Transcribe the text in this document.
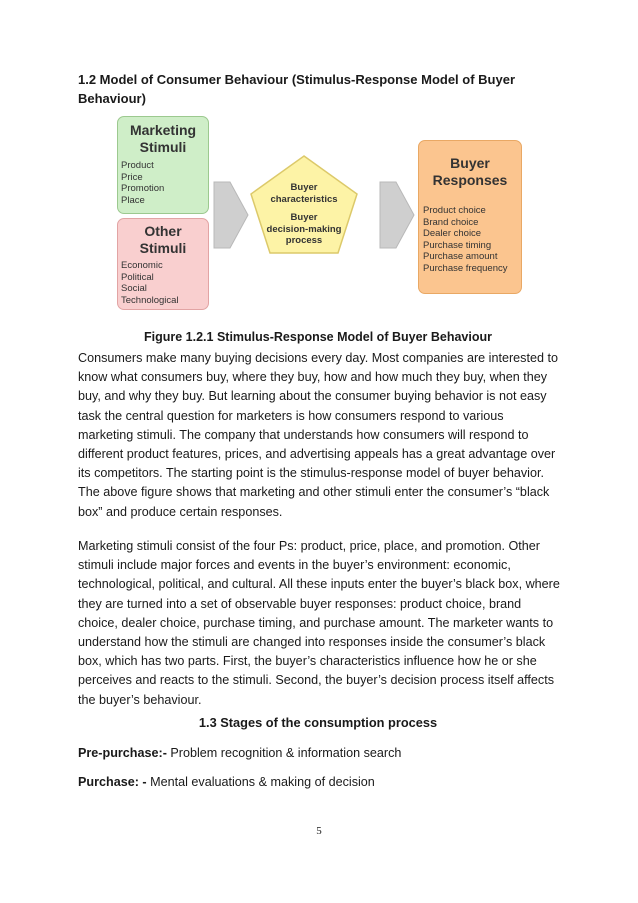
1.2 Model of Consumer Behaviour (Stimulus-Response Model of Buyer Behaviour)
Marketing
Stimuli
Product
Price
Promotion
Place
Other
Stimuli
Economic
Political
Social
Technological
Buyer
characteristics
Buyer
decision-making
process
Buyer
Responses
Product choice
Brand choice
Dealer choice
Purchase timing
Purchase amount
Purchase frequency

Figure 1.2.1 Stimulus-Response Model of Buyer Behaviour

Consumers make many buying decisions every day. Most companies are interested to know what consumers buy, where they buy, how and how much they buy, when they buy, and why they buy. But learning about the consumer buying behavior is not easy task the central question for marketers is how consumers respond to various marketing stimuli. The company that understands how consumers will respond to different product features, prices, and advertising appeals has a great advantage over its competitors. The starting point is the stimulus-response model of buyer behavior. The above figure shows that marketing and other stimuli enter the consumer’s “black box” and produce certain responses.

Marketing stimuli consist of the four Ps: product, price, place, and promotion. Other stimuli include major forces and events in the buyer’s environment: economic, technological, political, and cultural. All these inputs enter the buyer’s black box, where they are turned into a set of observable buyer responses: product choice, brand choice, dealer choice, purchase timing, and purchase amount. The marketer wants to understand how the stimuli are changed into responses inside the consumer’s black box, which has two parts. First, the buyer’s characteristics influence how he or she perceives and reacts to the stimuli. Second, the buyer’s decision process itself affects the buyer’s behaviour.

1.3 Stages of the consumption process

Pre-purchase:- Problem recognition & information search

Purchase: - Mental evaluations & making of decision

5
